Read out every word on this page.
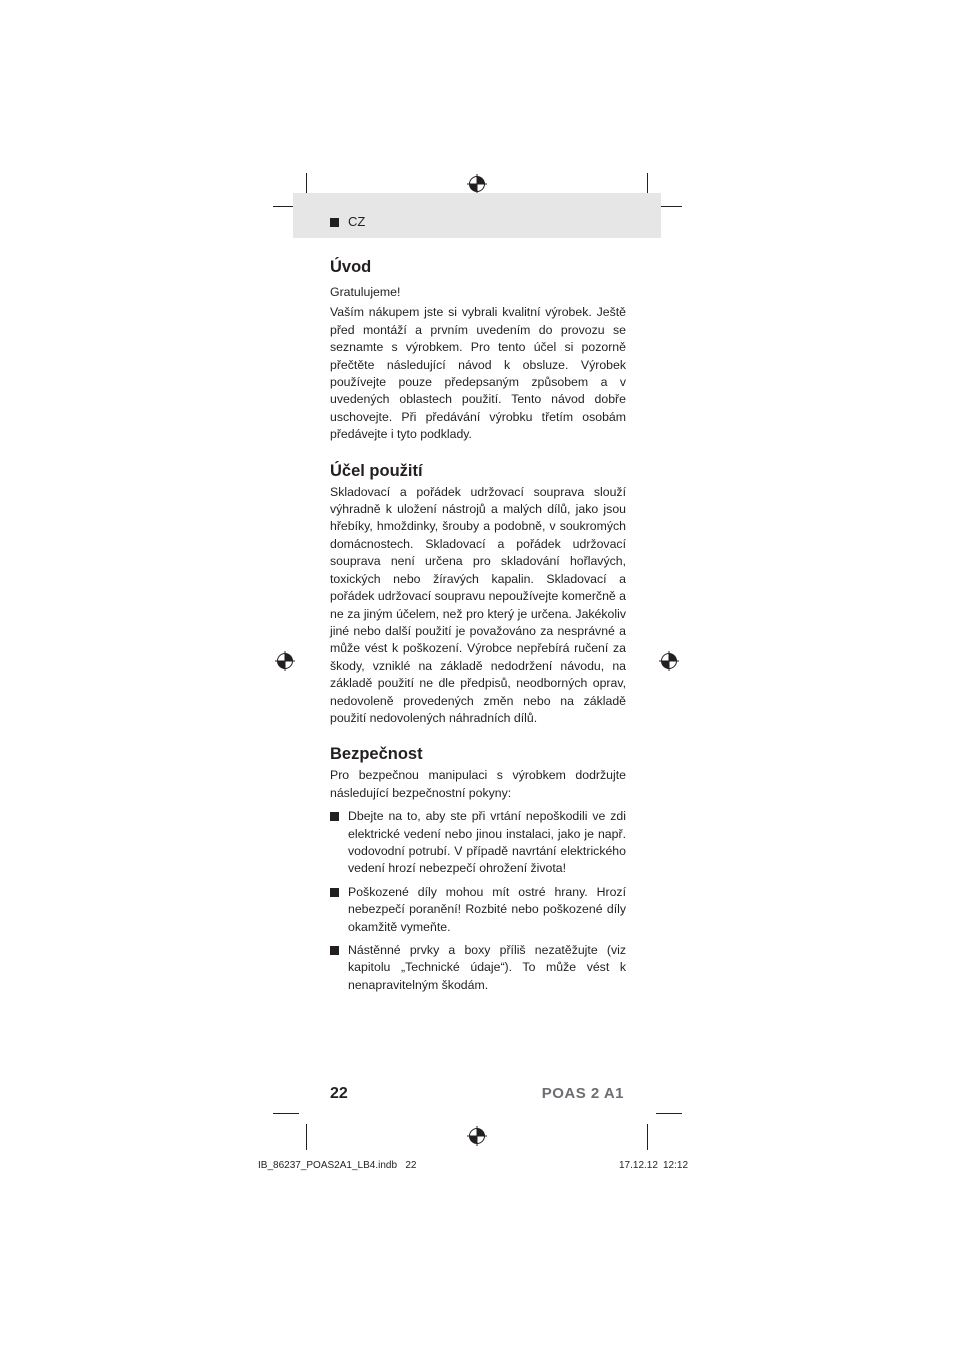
CZ
Úvod

Gratulujeme!

Vaším nákupem jste si vybrali kvalitní výrobek. Ještě před montáží a prvním uvedením do provozu se seznamte s výrobkem. Pro tento účel si pozorně přečtěte následující návod k obsluze. Výrobek používejte pouze předepsaným způsobem a v uvedených oblastech použití. Tento návod dobře uschovejte. Při předávání výrobku třetím osobám předávejte i tyto podklady.

Účel použití

Skladovací a pořádek udržovací souprava slouží výhradně k uložení nástrojů a malých dílů, jako jsou hřebíky, hmoždinky, šrouby a podobně, v soukromých domácnostech. Skladovací a pořádek udržovací souprava není určena pro skladování hořlavých, toxických nebo žíravých kapalin. Skladovací a pořádek udržovací soupravu nepoužívejte komerčně a ne za jiným účelem, než pro který je určena. Jakékoliv jiné nebo další použití je považováno za nesprávné a může vést k poškození. Výrobce nepřebírá ručení za škody, vzniklé na základě nedodržení návodu, na základě použití ne dle předpisů, neodborných oprav, nedovoleně provedených změn nebo na základě použití nedovolených náhradních dílů.

Bezpečnost

Pro bezpečnou manipulaci s výrobkem dodržujte následující bezpečnostní pokyny:

Dbejte na to, aby ste při vrtání nepoškodili ve zdi elektrické vedení nebo jinou instalaci, jako je např. vodovodní potrubí. V případě navrtání elektrického vedení hrozí nebezpečí ohrožení života!

Poškozené díly mohou mít ostré hrany. Hrozí nebezpečí poranění! Rozbité nebo poškozené díly okamžitě vymeňte.

Nástěnné prvky a boxy příliš nezatěžujte (viz kapitolu „Technické údaje“). To může vést k nenapravitelným škodám.

22	POAS 2 A1
IB_86237_POAS2A1_LB4.indb   22	17.12.12 12:12
